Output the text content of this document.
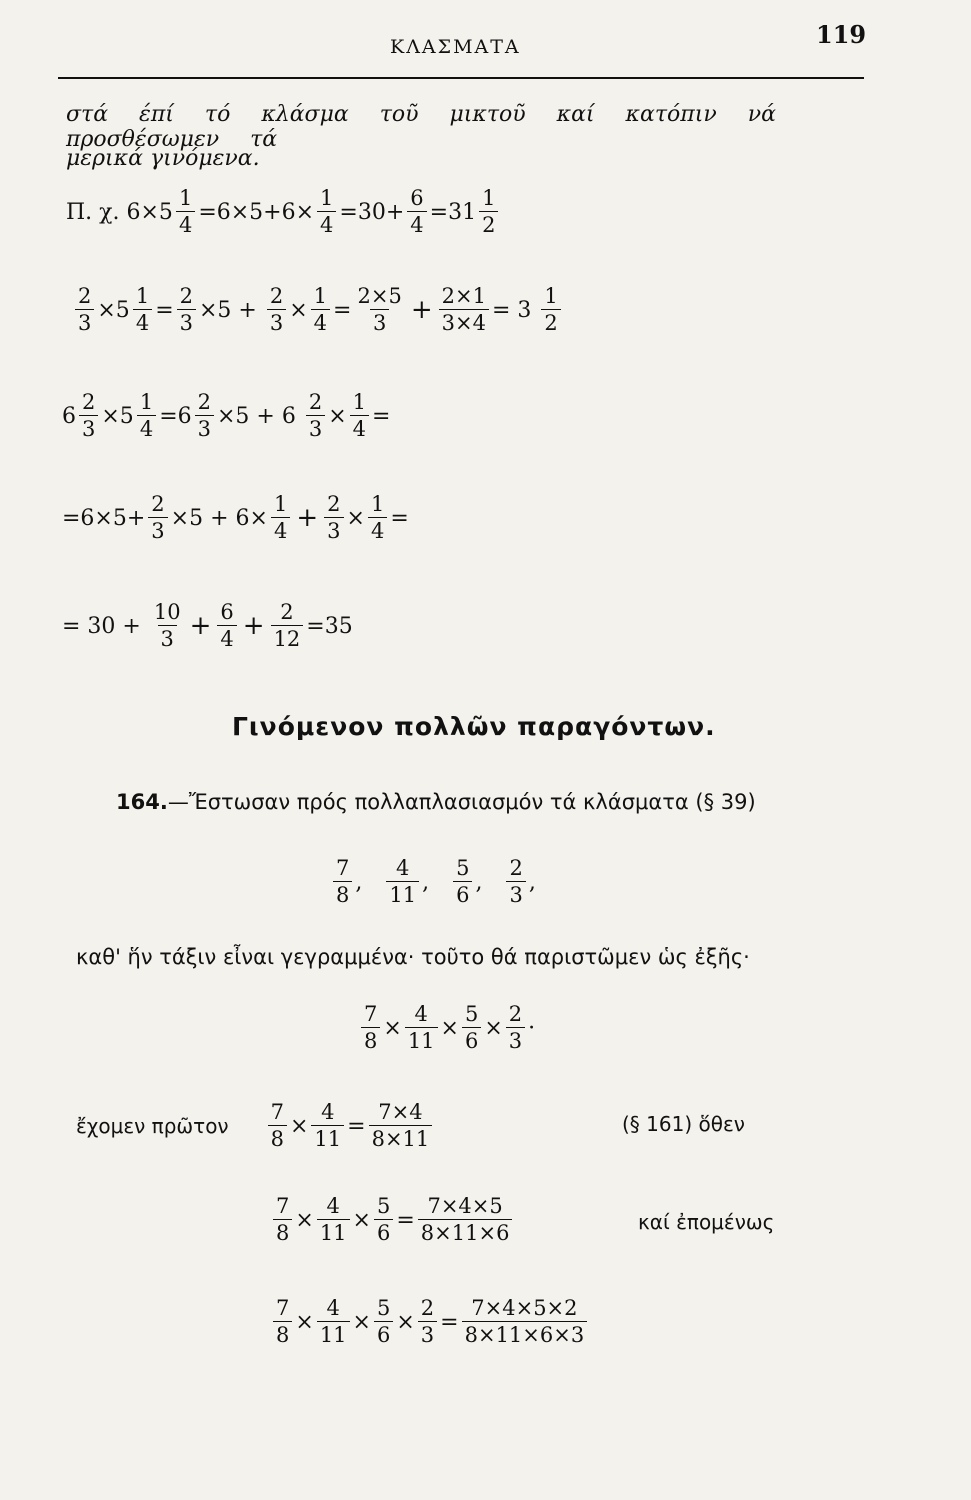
ΚΛΑΣΜΑΤΑ	119
στά έπί τό κλάσμα τοῦ μικτοῦ καί κατόπιν νά προσθέσωμεν τά
μερικά γινόμενα.
Π. χ.
$6\times 5 \frac{1}{4} =6\times 5+6\times \frac{1}{4} =30+ \frac{6}{4} =31 \frac{1}{2}$
$\frac{2}{3} \times 5 \frac{1}{4} = \frac{2}{3} \times 5$ +
$\frac{2}{3} \times \frac{1}{4} = \frac{2\times 5}{3} + \frac{2\times 1}{3\times 4} = 3$
$\frac{1}{2}$
$6 \frac{2}{3} \times 5 \frac{1}{4} =6 \frac{2}{3} \times 5 + 6$
$\frac{2}{3} \times \frac{1}{4}$ =
$=6\times 5+ \frac{2}{3} \times 5 + 6\times \frac{1}{4} + \frac{2}{3} \times \frac{1}{4}$ =
= 30 +
$\frac{10}{3} + \frac{6}{4} + \frac{2}{12} =35$
Γινόμενον πολλῶν παραγόντων.
164.—Ἔστωσαν πρός πολλαπλασιασμόν τά κλάσματα (§ 39)
$\frac{7}{8}$ ,
$\frac{4}{11}$ ,
$\frac{5}{6}$ ,
$\frac{2}{3}$ ,
καθ' ἥν τάξιν εἶναι γεγραμμένα· τοῦτο θά παριστῶμεν ὡς ἐξῆς·
$\frac{7}{8} \times \frac{4}{11} \times \frac{5}{6} \times \frac{2}{3}$ ·
ἔχομεν πρῶτον $\frac{7}{8} \times \frac{4}{11} = \frac{7\times 4}{8\times 11}$	(§ 161) ὅθεν
$\frac{7}{8} \times \frac{4}{11} \times \frac{5}{6} = \frac{7\times 4\times 5}{8\times 11\times 6}$	καί ἐπομένως
$\frac{7}{8} \times \frac{4}{11} \times \frac{5}{6} \times \frac{2}{3} = \frac{7\times 4\times 5\times 2}{8\times 11\times 6\times 3}$
